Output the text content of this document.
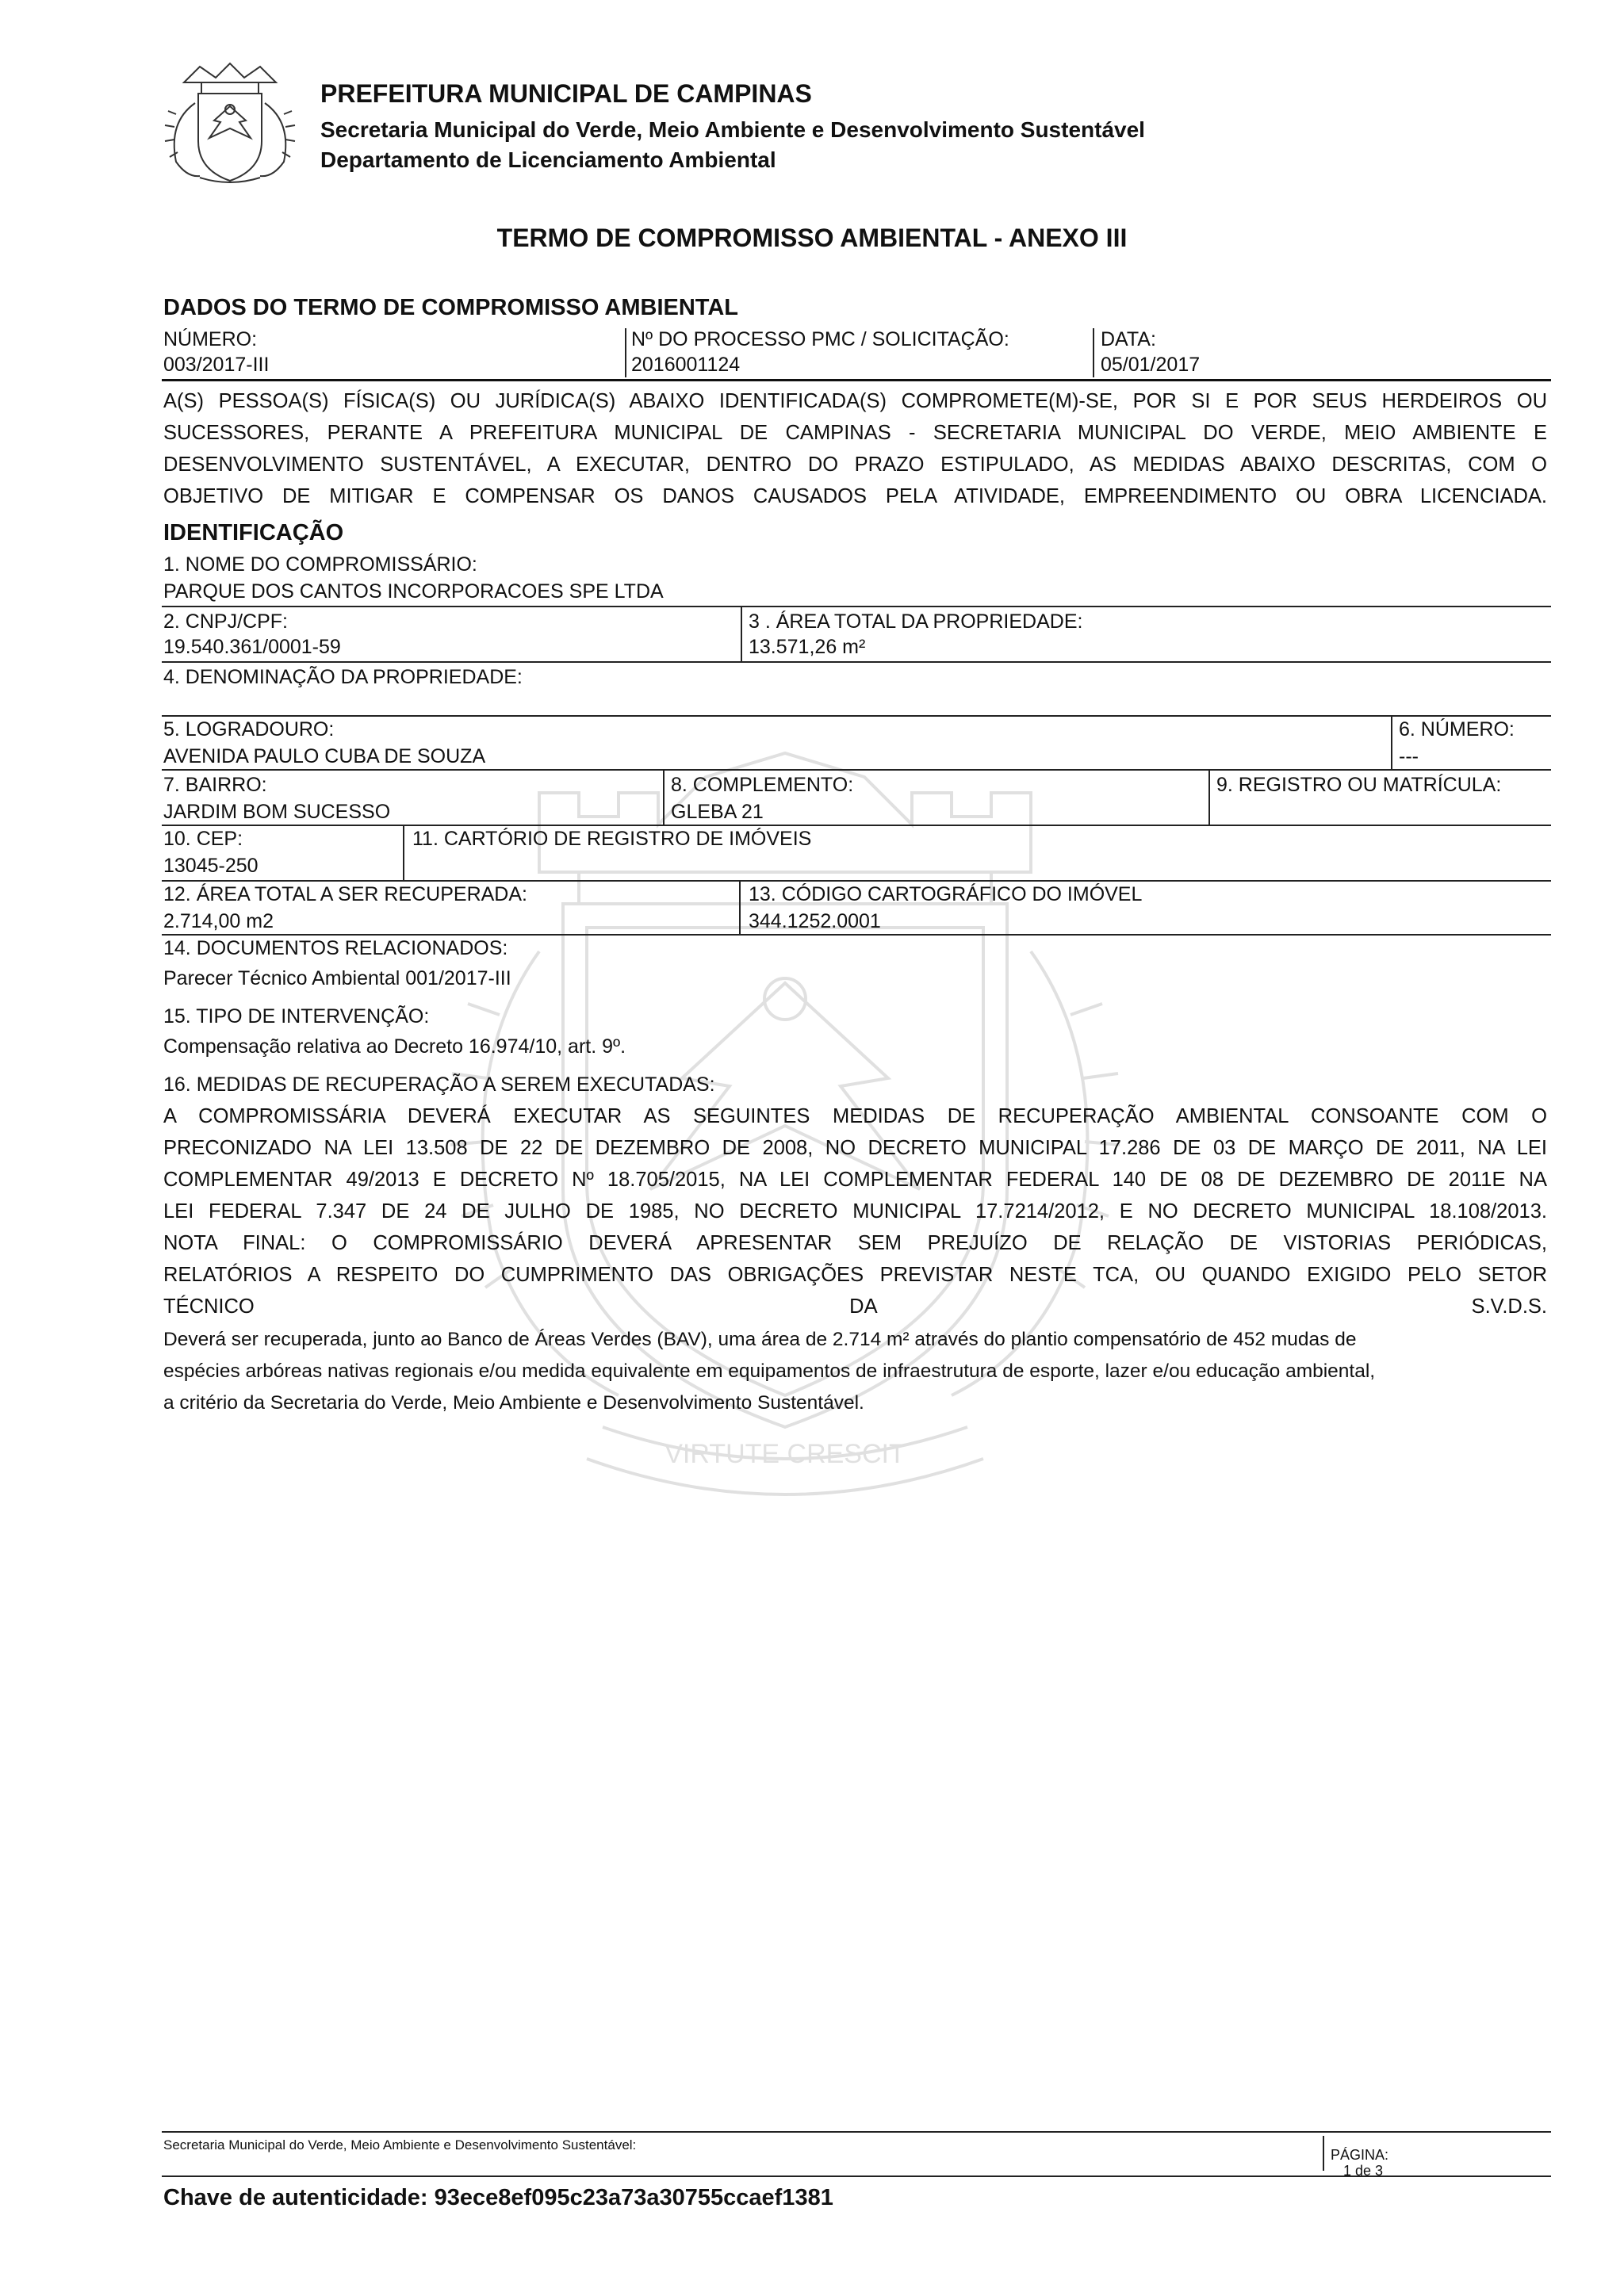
PREFEITURA MUNICIPAL DE CAMPINAS
Secretaria Municipal do Verde, Meio Ambiente e Desenvolvimento Sustentável
Departamento de Licenciamento Ambiental
TERMO DE COMPROMISSO AMBIENTAL - ANEXO III
VIRTUTE CRESCIT
DADOS DO TERMO DE COMPROMISSO AMBIENTAL
NÚMERO:
003/2017-III
Nº DO PROCESSO PMC / SOLICITAÇÃO:
2016001124
DATA:
05/01/2017
A(S) PESSOA(S) FÍSICA(S) OU JURÍDICA(S) ABAIXO IDENTIFICADA(S) COMPROMETE(M)-SE, POR SI E POR SEUS HERDEIROS OU
SUCESSORES, PERANTE A PREFEITURA MUNICIPAL DE CAMPINAS - SECRETARIA MUNICIPAL DO VERDE, MEIO AMBIENTE E
DESENVOLVIMENTO SUSTENTÁVEL, A EXECUTAR, DENTRO DO PRAZO ESTIPULADO, AS MEDIDAS ABAIXO DESCRITAS, COM O
OBJETIVO DE MITIGAR E COMPENSAR OS DANOS CAUSADOS PELA ATIVIDADE, EMPREENDIMENTO OU OBRA LICENCIADA.
IDENTIFICAÇÃO
1. NOME DO COMPROMISSÁRIO:
PARQUE DOS CANTOS INCORPORACOES SPE LTDA
2. CNPJ/CPF:
19.540.361/0001-59
3 . ÁREA TOTAL DA PROPRIEDADE:
13.571,26 m²
4. DENOMINAÇÃO DA PROPRIEDADE:
5. LOGRADOURO:
AVENIDA PAULO CUBA DE SOUZA
6. NÚMERO:
---
7. BAIRRO:
JARDIM BOM SUCESSO
8. COMPLEMENTO:
GLEBA 21
9. REGISTRO OU MATRÍCULA:
10. CEP:
13045-250
11. CARTÓRIO DE REGISTRO DE IMÓVEIS
12. ÁREA TOTAL A SER RECUPERADA:
2.714,00 m2
13. CÓDIGO CARTOGRÁFICO DO IMÓVEL
344.1252.0001
14. DOCUMENTOS RELACIONADOS:
Parecer Técnico Ambiental 001/2017-III
15. TIPO DE INTERVENÇÃO:
Compensação relativa ao Decreto 16.974/10, art. 9º.
16. MEDIDAS DE RECUPERAÇÃO A SEREM EXECUTADAS:
A COMPROMISSÁRIA DEVERÁ EXECUTAR AS SEGUINTES MEDIDAS DE RECUPERAÇÃO AMBIENTAL CONSOANTE COM O
PRECONIZADO NA LEI 13.508 DE 22 DE DEZEMBRO DE 2008, NO DECRETO MUNICIPAL 17.286 DE 03 DE MARÇO DE 2011, NA LEI
COMPLEMENTAR 49/2013 E DECRETO Nº 18.705/2015, NA LEI COMPLEMENTAR FEDERAL 140 DE 08 DE DEZEMBRO DE 2011E NA
LEI FEDERAL 7.347 DE 24 DE JULHO DE 1985, NO DECRETO MUNICIPAL 17.7214/2012, E NO DECRETO MUNICIPAL 18.108/2013.
NOTA FINAL: O COMPROMISSÁRIO DEVERÁ APRESENTAR SEM PREJUÍZO DE RELAÇÃO DE VISTORIAS PERIÓDICAS,
RELATÓRIOS A RESPEITO DO CUMPRIMENTO DAS OBRIGAÇÕES PREVISTAR NESTE TCA, OU QUANDO EXIGIDO PELO SETOR
TÉCNICO DA S.V.D.S.
Deverá ser recuperada, junto ao Banco de Áreas Verdes (BAV), uma área de 2.714 m² através do plantio compensatório de 452 mudas de
espécies arbóreas nativas regionais e/ou medida equivalente em equipamentos de infraestrutura de esporte, lazer e/ou educação ambiental,
a critério da Secretaria do Verde, Meio Ambiente e Desenvolvimento Sustentável.
Secretaria Municipal do Verde, Meio Ambiente e Desenvolvimento Sustentável:
PÁGINA:
1 de 3
Chave de autenticidade: 93ece8ef095c23a73a30755ccaef1381
